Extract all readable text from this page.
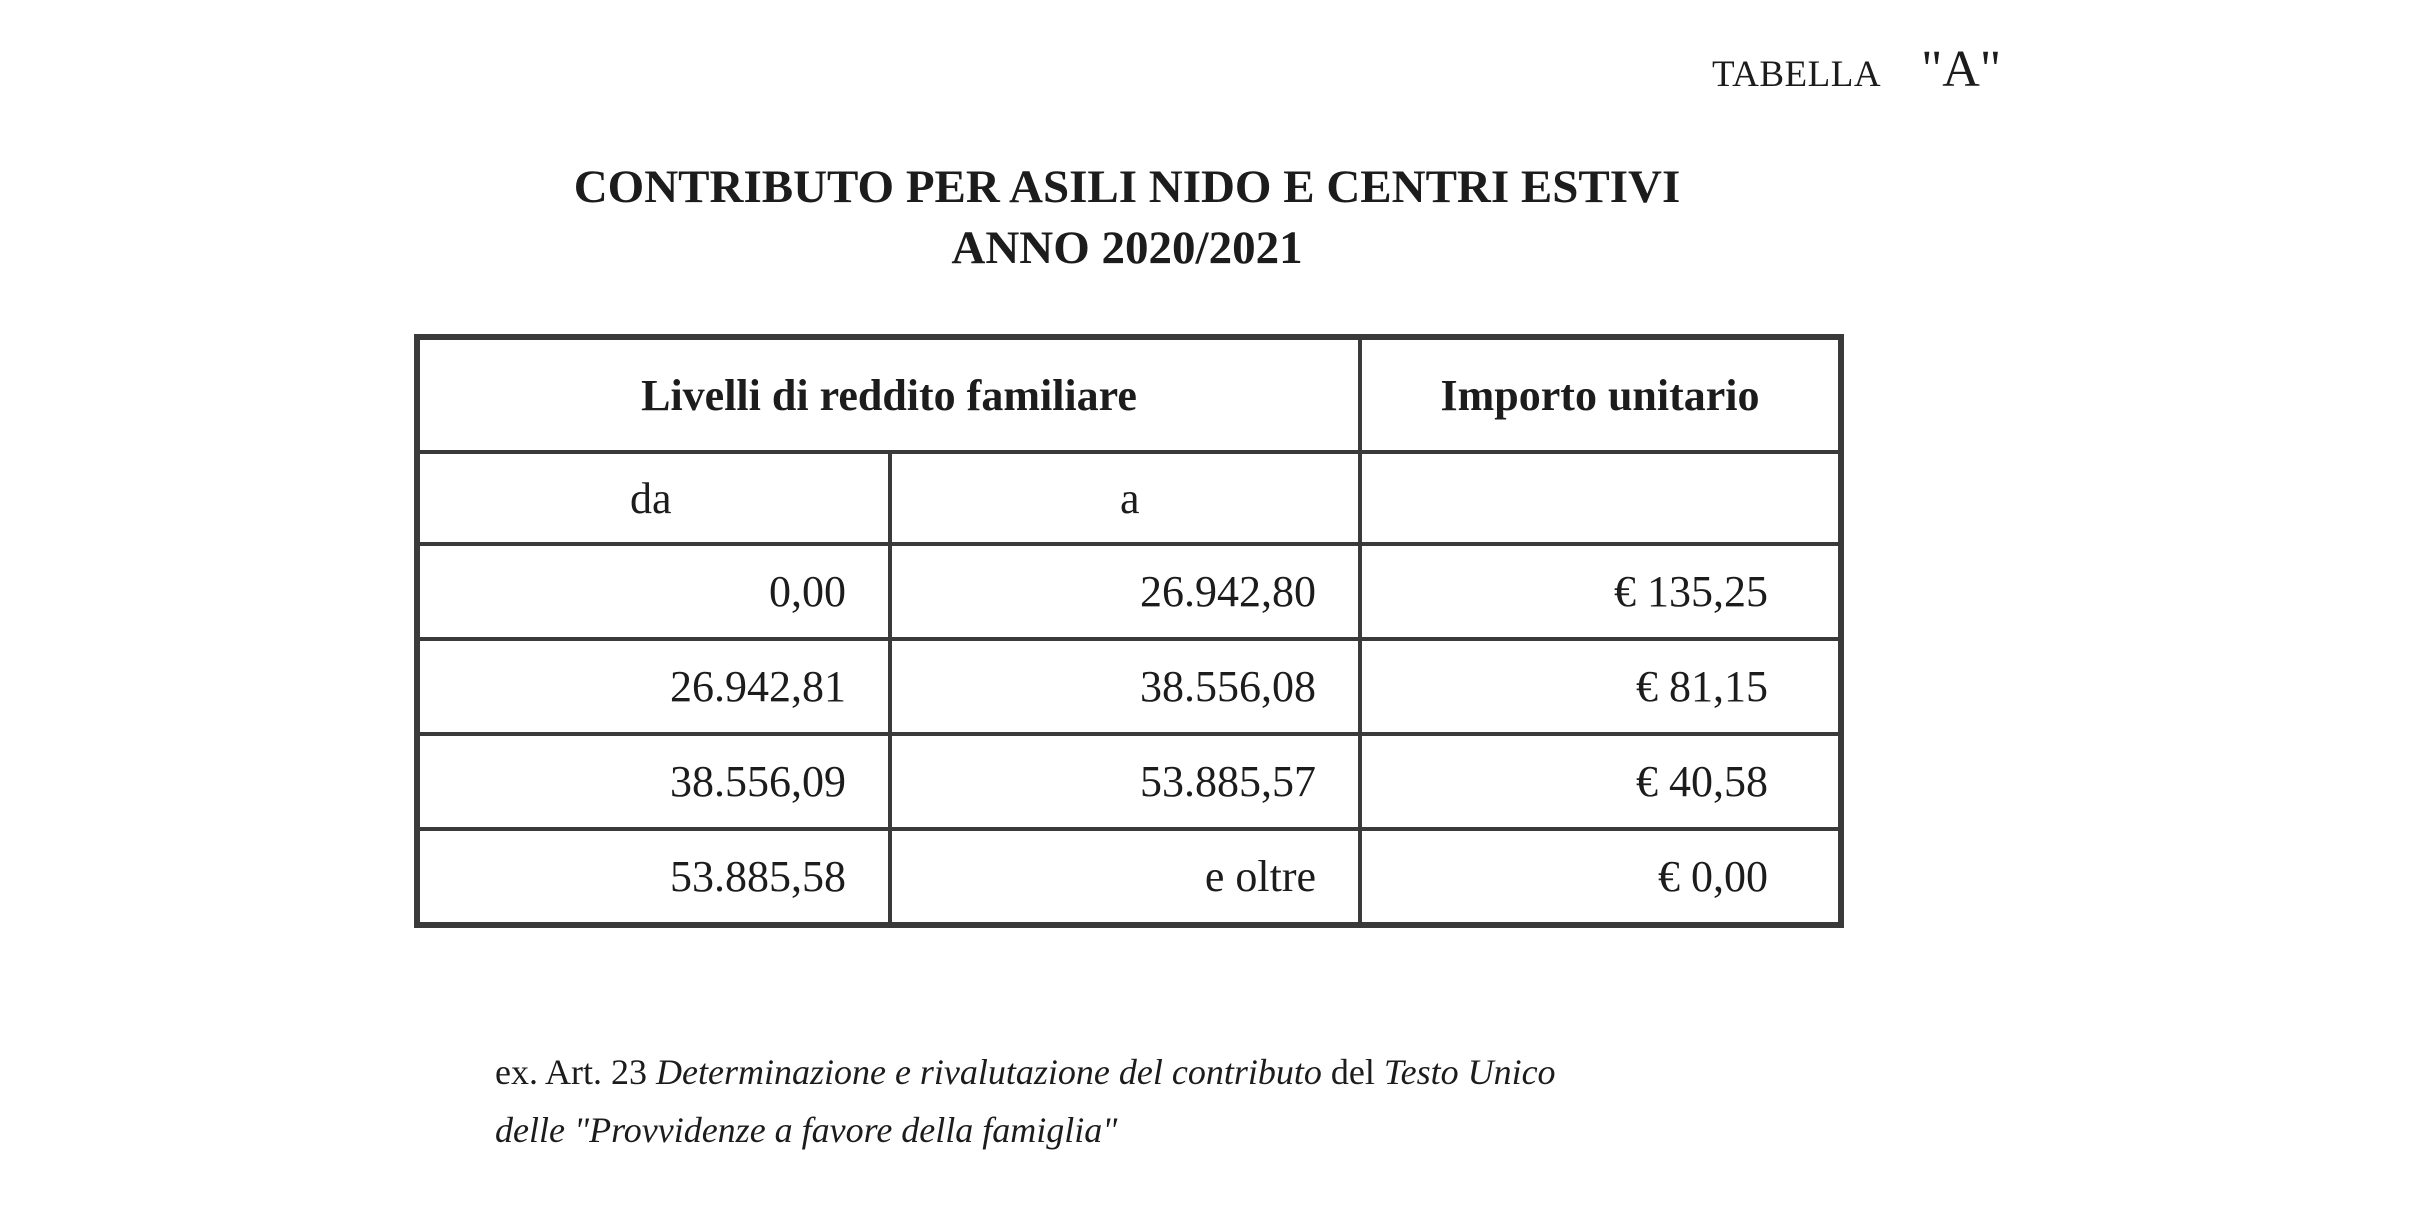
TABELLA "A"
CONTRIBUTO PER ASILI NIDO E CENTRI ESTIVI
ANNO 2020/2021
Livelli di reddito familiare		Importo unitario
da	a	
0,00	26.942,80	€ 135,25
26.942,81	38.556,08	€ 81,15
38.556,09	53.885,57	€ 40,58
53.885,58	e oltre	€ 0,00
ex. Art. 23 Determinazione e rivalutazione del contributo del Testo Unico
delle "Provvidenze a favore della famiglia"
